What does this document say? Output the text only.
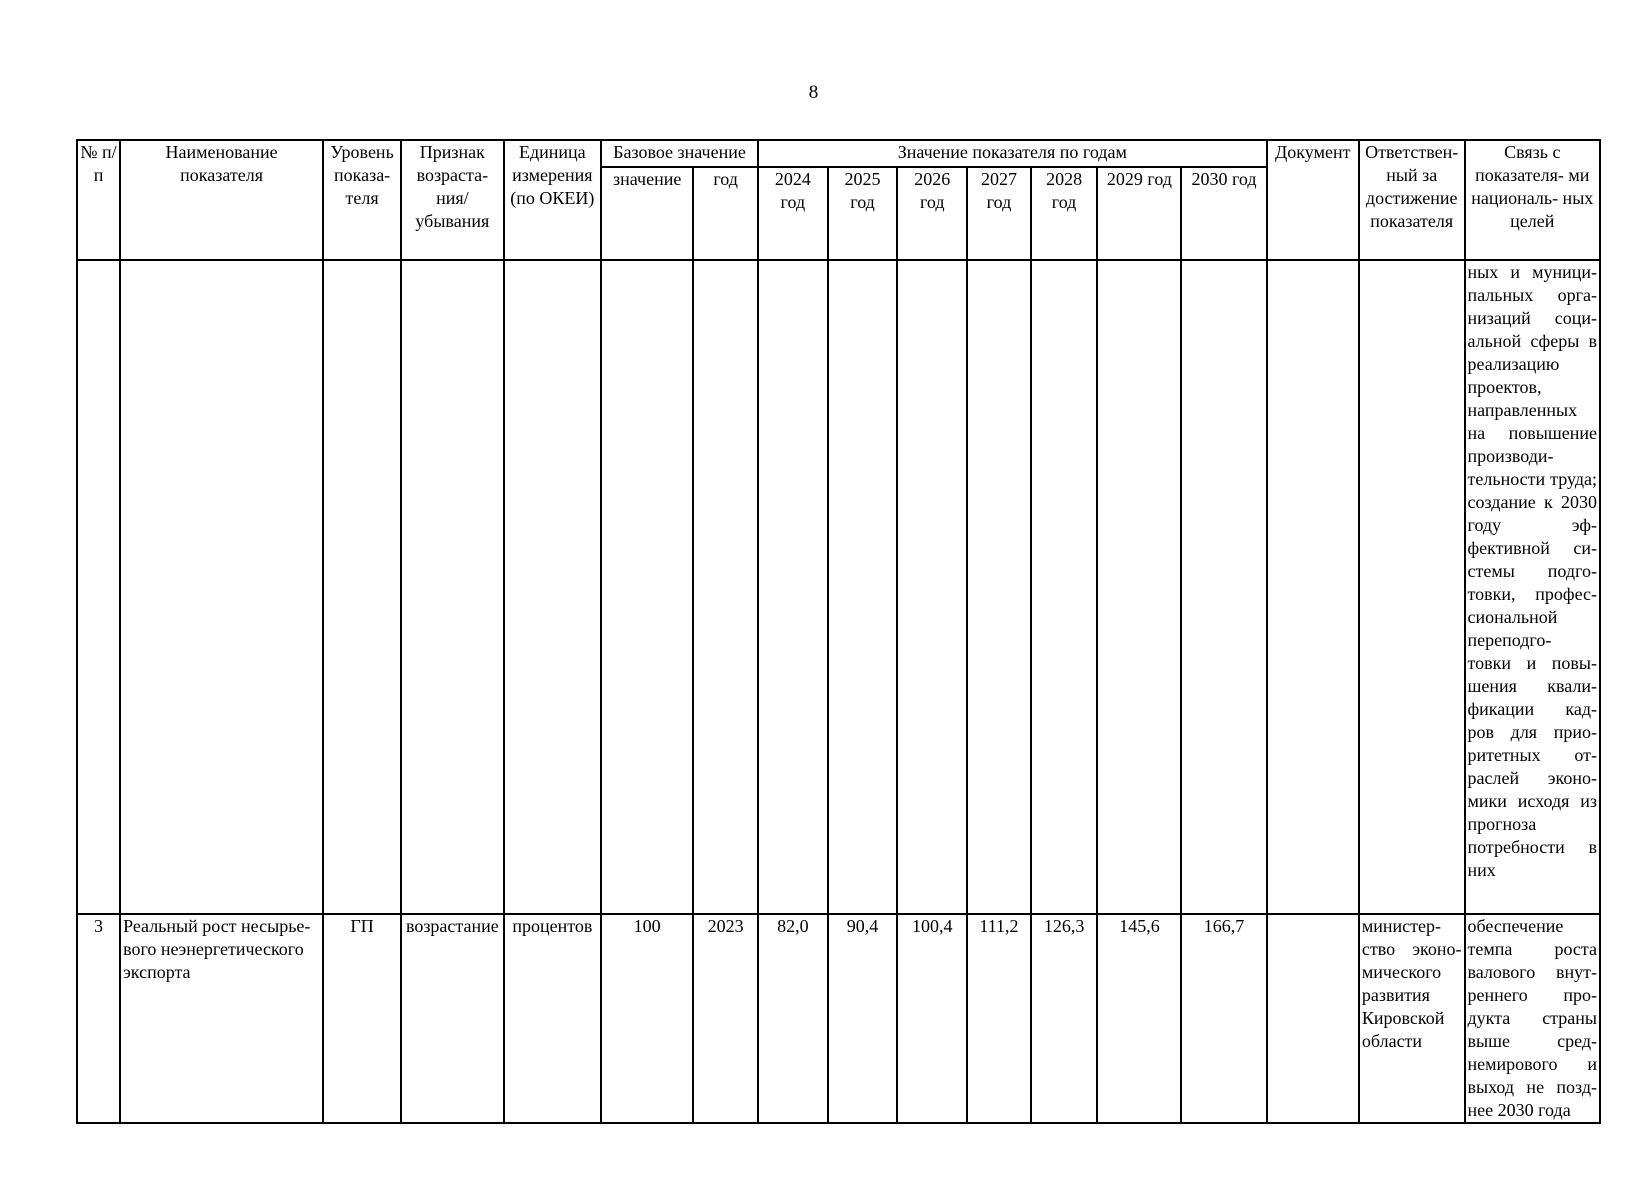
8
№ п/п	Наименование показателя	Уровень показа- теля	Признак возраста- ния/ убывания	Единица измерения (по ОКЕИ)	Базовое значение		Значение показателя по годам							Документ	Ответствен- ный за достижение показателя	Связь с показателя- ми националь- ных целей
					значение	год	2024 год	2025 год	2026 год	2027 год	2028 год	2029 год	2030 год			
																ных и муници- пальных орга- низаций соци- альной сферы в реализацию проектов, направленных на повышение производи- тельности труда; создание к 2030 году эф- фективной си- стемы подго- товки, профес- сиональной переподго- товки и повы- шения квали- фикации кад- ров для прио- ритетных от- раслей эконо- мики исходя из прогноза потребности в них
3	Реальный рост несырье- вого неэнергетического экспорта	ГП	возрастание	процентов	100	2023	82,0	90,4	100,4	111,2	126,3	145,6	166,7		министер- ство эконо- мического развития Кировской области	обеспечение темпа роста валового внут- реннего про- дукта страны выше сред- немирового и выход не позд- нее 2030 года
